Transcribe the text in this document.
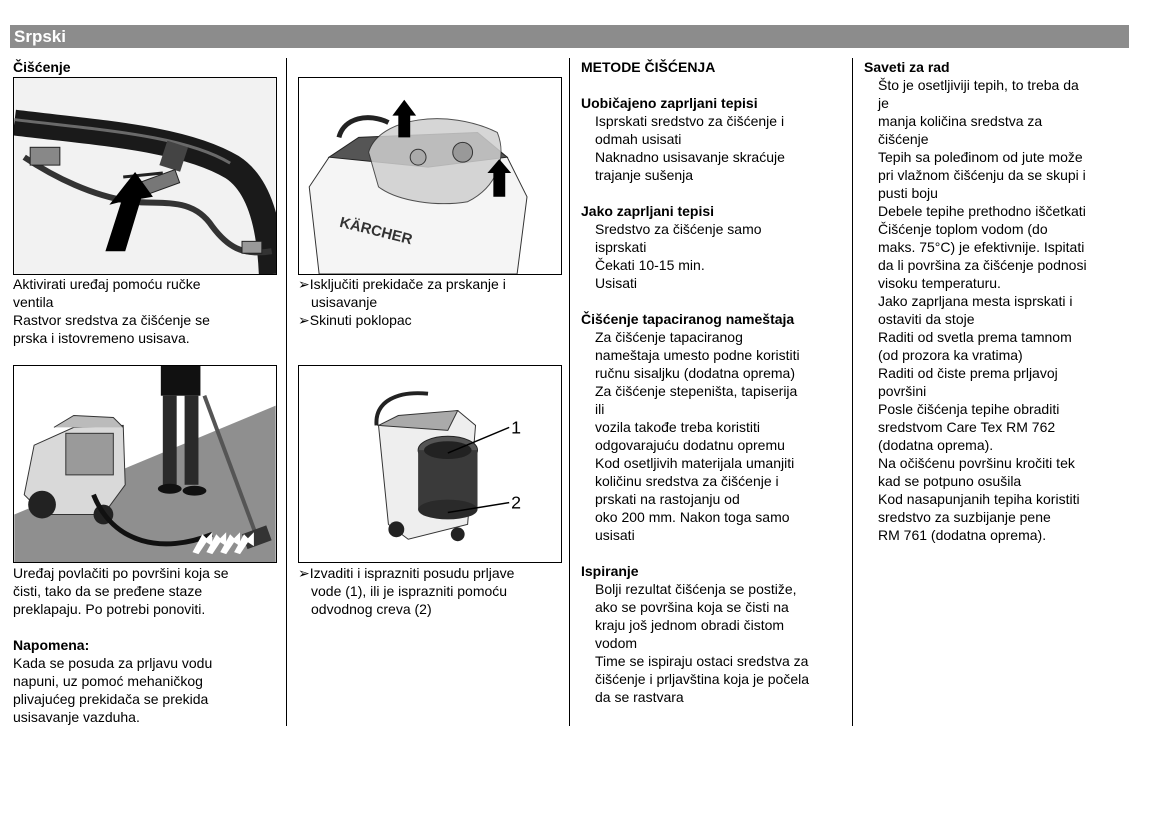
Srpski

Čišćenje

Aktivirati uređaj pomoću ručke

ventila

Rastvor sredstva za čišćenje se

prska i istovremeno usisava.

Uređaj povlačiti po površini koja se

čisti, tako da se pređene staze

preklapaju. Po potrebi ponoviti.

Napomena:

Kada se posuda za prljavu vodu

napuni, uz pomoć mehaničkog

plivajućeg prekidača se prekida

usisavanje vazduha.

KÄRCHER

➢Isključiti prekidače za prskanje i
usisavanje

➢Skinuti poklopac

1
2

➢Izvaditi i isprazniti posudu prljave
vode (1), ili je isprazniti pomoću
odvodnog creva (2)

METODE ČIŠĆENJA

Uobičajeno zaprljani tepisi

Isprskati sredstvo za čišćenje i

odmah usisati

Naknadno usisavanje skraćuje

trajanje sušenja

Jako zaprljani tepisi

Sredstvo za čišćenje samo

isprskati

Čekati 10-15 min.

Usisati

Čišćenje tapaciranog nameštaja

Za čišćenje tapaciranog

nameštaja umesto podne koristiti

ručnu sisaljku (dodatna oprema)

Za čišćenje stepeništa, tapiserija

ili

vozila takođe treba koristiti

odgovarajuću dodatnu opremu

Kod osetljivih materijala umanjiti

količinu sredstva za čišćenje i

prskati na rastojanju od

oko 200 mm. Nakon toga samo

usisati

Ispiranje

Bolji rezultat čišćenja se postiže,

ako se površina koja se čisti na

kraju još jednom obradi čistom

vodom

Time se ispiraju ostaci sredstva za

čišćenje i prljavština koja je počela

da se rastvara

Saveti za rad

Što je osetljiviji tepih, to treba da

je

manja količina sredstva za

čišćenje

Tepih sa poleđinom od jute može

pri vlažnom čišćenju da se skupi i

pusti boju

Debele tepihe prethodno iščetkati

Čišćenje toplom vodom (do

maks. 75°C) je efektivnije. Ispitati

da li površina za čišćenje podnosi

visoku temperaturu.

Jako zaprljana mesta isprskati i

ostaviti da stoje

Raditi od svetla prema tamnom

(od prozora ka vratima)

Raditi od čiste prema prljavoj

površini

Posle čišćenja tepihe obraditi

sredstvom Care Tex RM 762

(dodatna oprema).

Na očišćenu površinu kročiti tek

kad se potpuno osušila

Kod nasapunjanih tepiha koristiti

sredstvo za suzbijanje pene

RM 761 (dodatna oprema).
